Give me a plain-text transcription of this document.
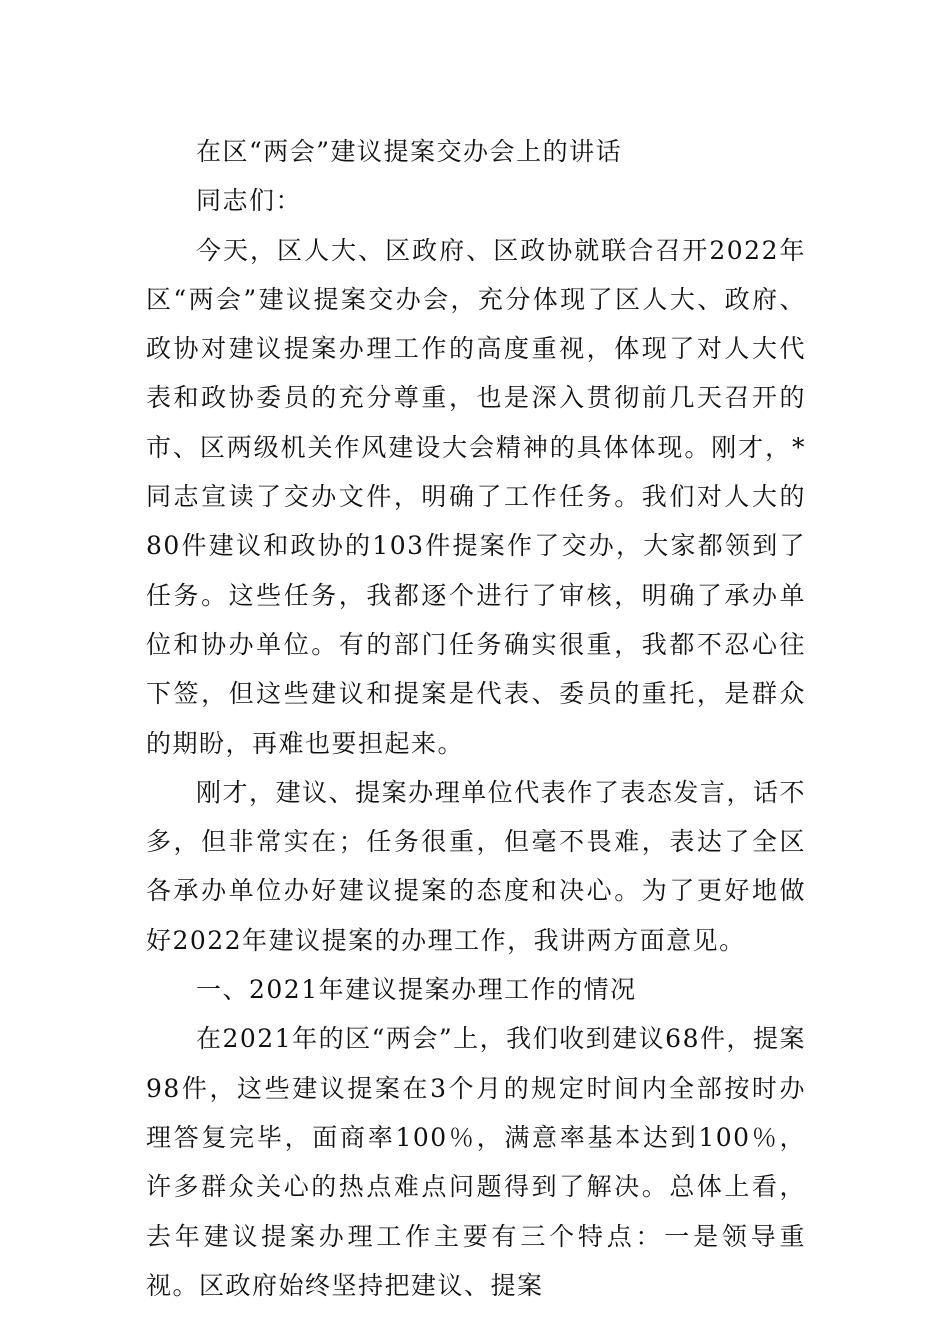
在区“两会”建议提案交办会上的讲话

同志们：

今天，区人大、区政府、区政协就联合召开2022年区“两会”建议提案交办会，充分体现了区人大、政府、政协对建议提案办理工作的高度重视，体现了对人大代表和政协委员的充分尊重，也是深入贯彻前几天召开的市、区两级机关作风建设大会精神的具体体现。刚才，*同志宣读了交办文件，明确了工作任务。我们对人大的80件建议和政协的103件提案作了交办，大家都领到了任务。这些任务，我都逐个进行了审核，明确了承办单位和协办单位。有的部门任务确实很重，我都不忍心往下签，但这些建议和提案是代表、委员的重托，是群众的期盼，再难也要担起来。

刚才，建议、提案办理单位代表作了表态发言，话不多，但非常实在；任务很重，但毫不畏难，表达了全区各承办单位办好建议提案的态度和决心。为了更好地做好2022年建议提案的办理工作，我讲两方面意见。

一、2021年建议提案办理工作的情况

在2021年的区“两会”上，我们收到建议68件，提案98件，这些建议提案在3个月的规定时间内全部按时办理答复完毕，面商率100％，满意率基本达到100％，许多群众关心的热点难点问题得到了解决。总体上看，去年建议提案办理工作主要有三个特点：一是领导重视。区政府始终坚持把建议、提案
